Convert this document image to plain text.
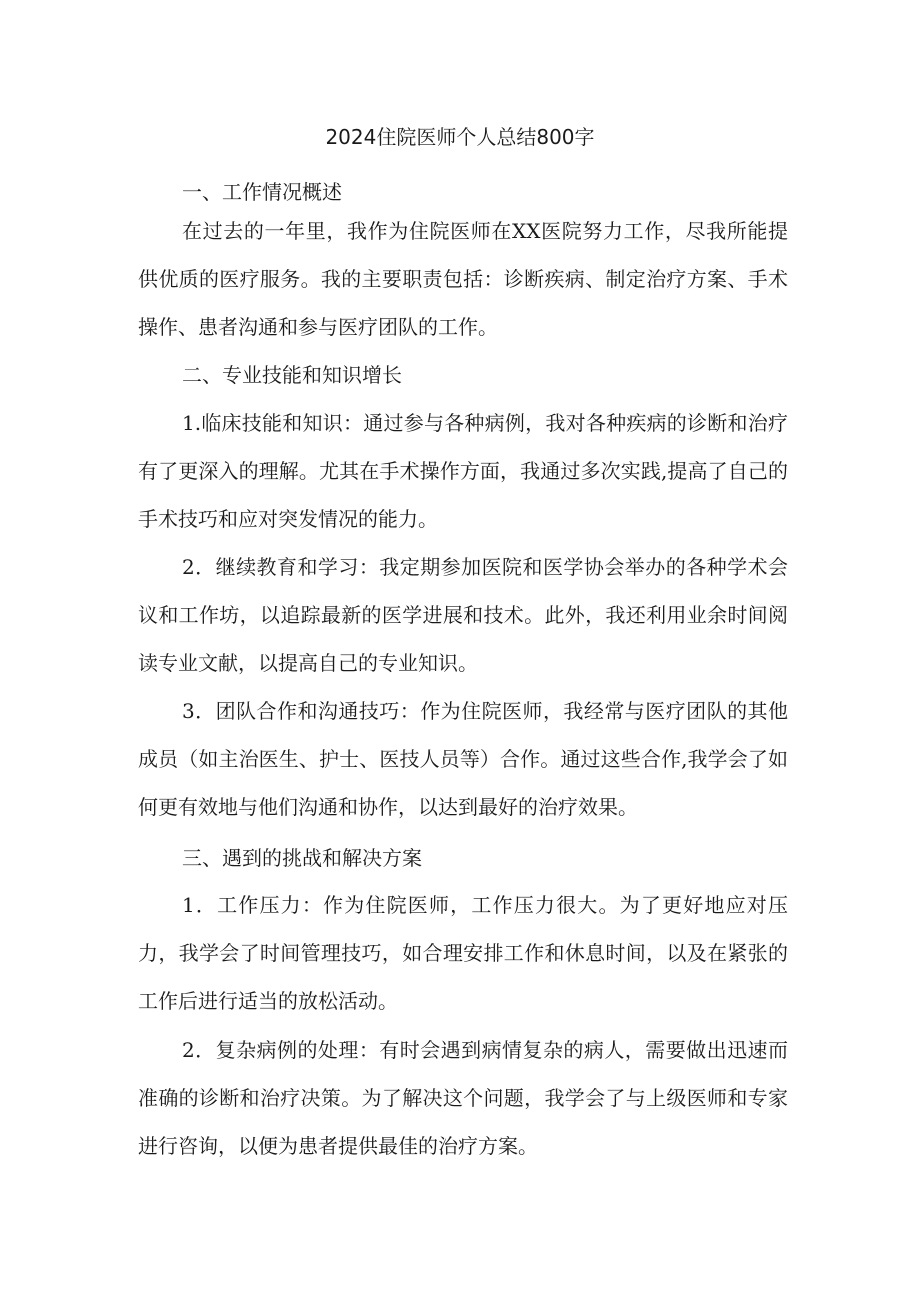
2024住院医师个人总结800字

一、工作情况概述

在过去的一年里，我作为住院医师在XX医院努力工作，尽我所能提供优质的医疗服务。我的主要职责包括：诊断疾病、制定治疗方案、手术操作、患者沟通和参与医疗团队的工作。

二、专业技能和知识增长

1.临床技能和知识：通过参与各种病例，我对各种疾病的诊断和治疗有了更深入的理解。尤其在手术操作方面，我通过多次实践,提高了自己的手术技巧和应对突发情况的能力。

2．继续教育和学习：我定期参加医院和医学协会举办的各种学术会议和工作坊，以追踪最新的医学进展和技术。此外，我还利用业余时间阅读专业文献，以提高自己的专业知识。

3．团队合作和沟通技巧：作为住院医师，我经常与医疗团队的其他成员（如主治医生、护士、医技人员等）合作。通过这些合作,我学会了如何更有效地与他们沟通和协作，以达到最好的治疗效果。

三、遇到的挑战和解决方案

1．工作压力：作为住院医师，工作压力很大。为了更好地应对压力，我学会了时间管理技巧，如合理安排工作和休息时间，以及在紧张的工作后进行适当的放松活动。

2．复杂病例的处理：有时会遇到病情复杂的病人，需要做出迅速而准确的诊断和治疗决策。为了解决这个问题，我学会了与上级医师和专家进行咨询，以便为患者提供最佳的治疗方案。
